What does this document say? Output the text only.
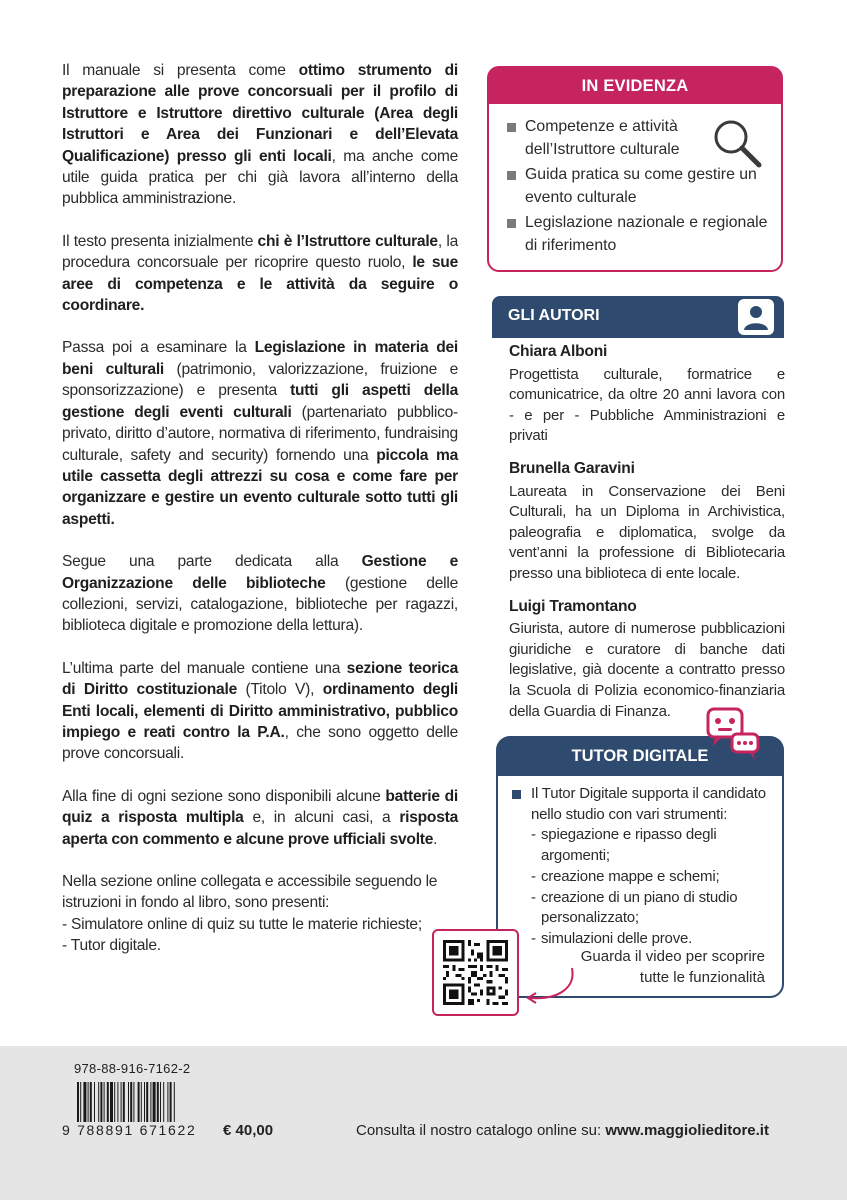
Il manuale si presenta come ottimo strumento di preparazione alle prove concorsuali per il profilo di Istruttore e Istruttore direttivo culturale (Area degli Istruttori e Area dei Funzionari e dell’Elevata Qualificazione) presso gli enti locali, ma anche come utile guida pratica per chi già lavora all’interno della pubblica amministrazione.

Il testo presenta inizialmente chi è l’Istruttore culturale, la procedura concorsuale per ricoprire questo ruolo, le sue aree di competenza e le attività da seguire o coordinare.

Passa poi a esaminare la Legislazione in materia dei beni culturali (patrimonio, valorizzazione, fruizione e sponsorizzazione) e presenta tutti gli aspetti della gestione degli eventi culturali (partenariato pubblico-privato, diritto d’autore, normativa di riferimento, fundraising culturale, safety and security) fornendo una piccola ma utile cassetta degli attrezzi su cosa e come fare per organizzare e gestire un evento culturale sotto tutti gli aspetti.

Segue una parte dedicata alla Gestione e Organizzazione delle biblioteche (gestione delle collezioni, servizi, catalogazione, biblioteche per ragazzi, biblioteca digitale e promozione della lettura).

L’ultima parte del manuale contiene una sezione teorica di Diritto costituzionale (Titolo V), ordinamento degli Enti locali, elementi di Diritto amministrativo, pubblico impiego e reati contro la P.A., che sono oggetto delle prove concorsuali.

Alla fine di ogni sezione sono disponibili alcune batterie di quiz a risposta multipla e, in alcuni casi, a risposta aperta con commento e alcune prove ufficiali svolte.

Nella sezione online collegata e accessibile seguendo le istruzioni in fondo al libro, sono presenti:
- Simulatore online di quiz su tutte le materie richieste;
- Tutor digitale.

IN EVIDENZA
Competenze e attività dell’Istruttore culturale
Guida pratica su come gestire un evento culturale
Legislazione nazionale e regionale di riferimento
GLI AUTORI
Chiara Alboni
Progettista culturale, formatrice e comunicatrice, da oltre 20 anni lavora con - e per - Pubbliche Amministrazioni e privati
Brunella Garavini
Laureata in Conservazione dei Beni Culturali, ha un Diploma in Archivistica, paleografia e diplomatica, svolge da vent’anni la professione di Bibliotecaria presso una biblioteca di ente locale.
Luigi Tramontano
Giurista, autore di numerose pubblicazioni giuridiche e curatore di banche dati legislative, già docente a contratto presso la Scuola di Polizia economico-finanziaria della Guardia di Finanza.
TUTOR DIGITALE
Il Tutor Digitale supporta il candidato nello studio con vari strumenti:
- spiegazione e ripasso degli argomenti;
- creazione mappe e schemi;
- creazione di un piano di studio personalizzato;
- simulazioni delle prove.
Guarda il video per scoprire
tutte le funzionalità
978-88-916-7162-2
9 788891 671622 € 40,00	Consulta il nostro catalogo online su: www.maggiolieditore.it
